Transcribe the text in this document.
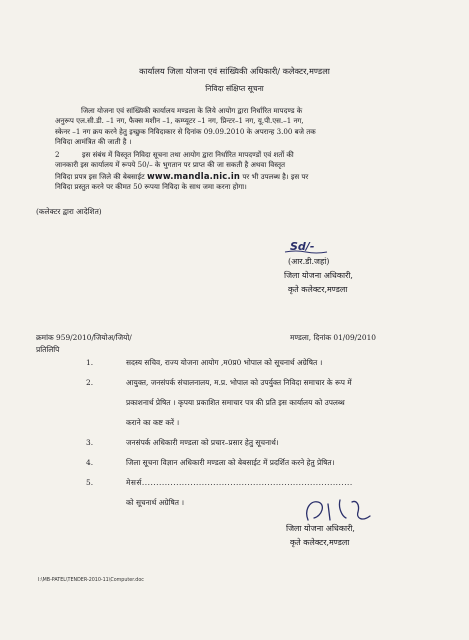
कार्यालय जिला योजना एवं सांख्यिकी अधिकारी/ कलेक्टर,मण्डला
निविदा संक्षिप्त सूचना
जिला योजना एवं सांख्यिकी कार्यालय मण्डला के लिये आयोग द्वारा निर्धारित मापदण्ड के
अनुरूप एल.सी.डी. –1 नग, फैक्स मशीन –1, कम्प्यूटर –1 नग, प्रिन्टर–1 नग, यू.पी.एस.–1 नग,
स्केनर –1 नग क्रय करने हेतु इच्छुक निविदाकार से दिनांक 09.09.2010 के अपरान्ह 3.00 बजे तक
निविदा आमंत्रित की जाती है ।
2	इस संबंध में विस्तृत निविदा सूचना तथा आयोग द्वारा निर्धारित मापदण्डों एवं शर्तो की
जानकारी इस कार्यालय में रूपये 50/– के भुगतान पर प्राप्त की जा सकती है अथवा विस्तृत
निविदा प्रपत्र इस जिले की बेबसाईट www.mandla.nic.in पर भी उपलब्ध है। इस पर
निविदा प्रस्तुत करने पर कीमत 50 रूपया निविदा के साथ जमा करना होगा।
(कलेक्टर द्वारा आदेशित)
Sd/-
(आर.डी.जहां)
जिला योजना अधिकारी,
कृते कलेक्टर,मण्डला
क्रमांक 959/2010/जियोअ/जियो/
प्रतिलिपि
मण्डला, दिनांक 01/09/2010
1.	सदस्य सचिव, राज्य योजना आयोग ,म0प्र0 भोपाल को सूचनार्थ अग्रेषित ।
2.	आयुक्त, जनसंपर्क संचालनालय, म.प्र. भोपाल को उपर्युक्त निविदा समाचार के रूप में
प्रकाशनार्थ प्रेषित । कृपया प्रकाशित समाचार पत्र की प्रति इस कार्यालय को उपलब्ध
कराने का कष्ट करें ।
3.	जनसंपर्क अधिकारी मण्डला को प्रचार–प्रसार हेतु सूचनार्थ।
4.	जिला सूचना विज्ञान अधिकारी मण्डला को बेबसाईट में प्रदर्शित करने हेतु प्रेषित।
5.	मेसर्स..........................................................................
को सूचनार्थ अग्रेषित ।
जिला योजना अधिकारी,
कृते कलेक्टर,मण्डला
I:\MB-PATEL\TENDER-2010-11\Computer.doc
